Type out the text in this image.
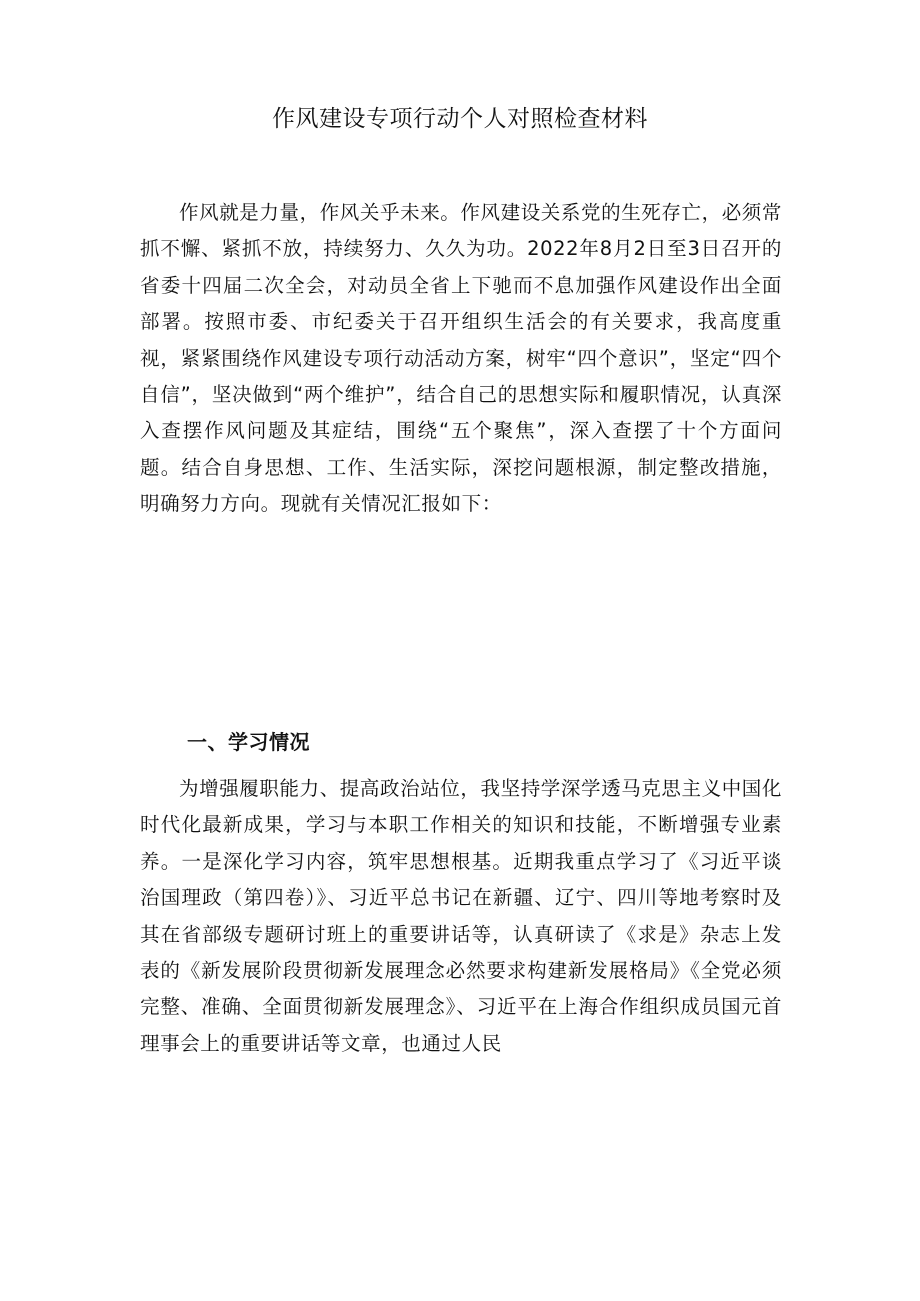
作风建设专项行动个人对照检查材料

作风就是力量，作风关乎未来。作风建设关系党的生死存亡，必须常抓不懈、紧抓不放，持续努力、久久为功。2022年8月2日至3日召开的省委十四届二次全会，对动员全省上下驰而不息加强作风建设作出全面部署。按照市委、市纪委关于召开组织生活会的有关要求，我高度重视，紧紧围绕作风建设专项行动活动方案，树牢“四个意识”，坚定“四个自信”，坚决做到“两个维护”，结合自己的思想实际和履职情况，认真深入查摆作风问题及其症结，围绕“五个聚焦”，深入查摆了十个方面问题。结合自身思想、工作、生活实际，深挖问题根源，制定整改措施，明确努力方向。现就有关情况汇报如下：

一、学习情况

为增强履职能力、提高政治站位，我坚持学深学透马克思主义中国化时代化最新成果，学习与本职工作相关的知识和技能，不断增强专业素养。一是深化学习内容，筑牢思想根基。近期我重点学习了《习近平谈治国理政（第四卷）》、习近平总书记在新疆、辽宁、四川等地考察时及其在省部级专题研讨班上的重要讲话等，认真研读了《求是》杂志上发表的《新发展阶段贯彻新发展理念必然要求构建新发展格局》《全党必须完整、准确、全面贯彻新发展理念》、习近平在上海合作组织成员国元首理事会上的重要讲话等文章，也通过人民
